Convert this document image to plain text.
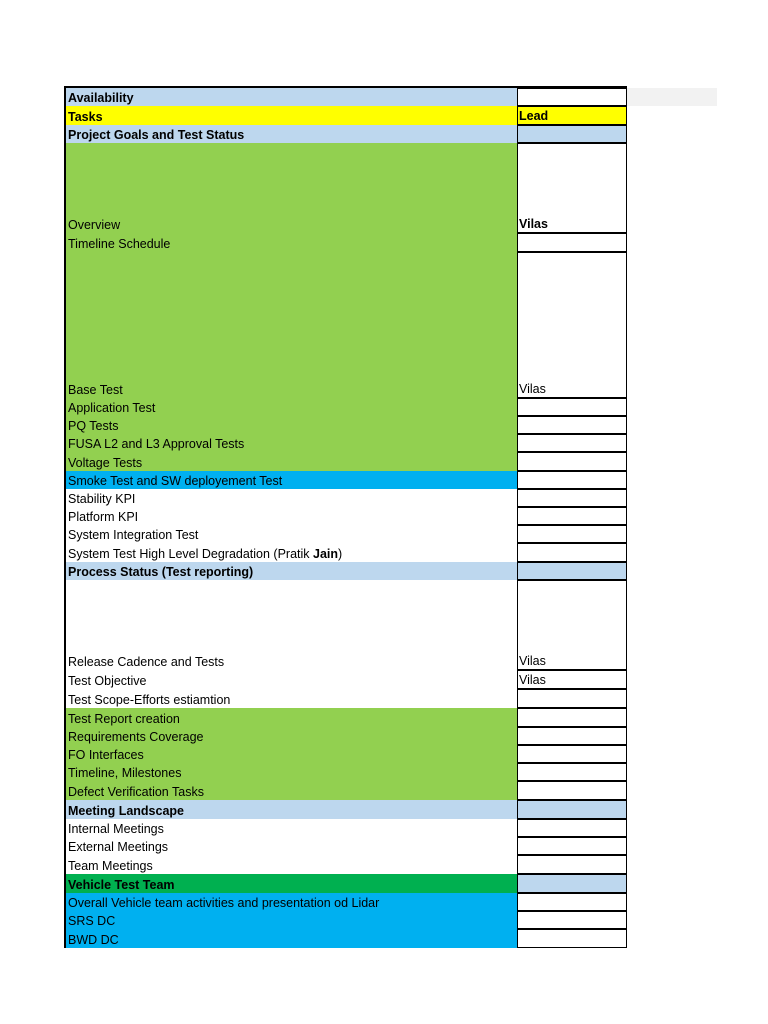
Availability
Tasks	Lead
Project Goals and Test Status
Overview	Vilas
Timeline Schedule
Base Test	Vilas
Application Test
PQ Tests
FUSA L2 and L3 Approval Tests
Voltage Tests
Smoke Test and SW deployement Test
Stability KPI
Platform KPI
System Integration Test
System Test High Level Degradation (Pratik Jain )
Process Status (Test reporting)
Release Cadence and Tests	Vilas
Test Objective	Vilas
Test Scope-Efforts estiamtion
Test Report creation
Requirements Coverage
FO Interfaces
Timeline, Milestones
Defect Verification Tasks
Meeting Landscape
Internal Meetings
External Meetings
Team Meetings
Vehicle Test Team
Overall Vehicle team activities and presentation od Lidar
SRS DC
BWD DC
